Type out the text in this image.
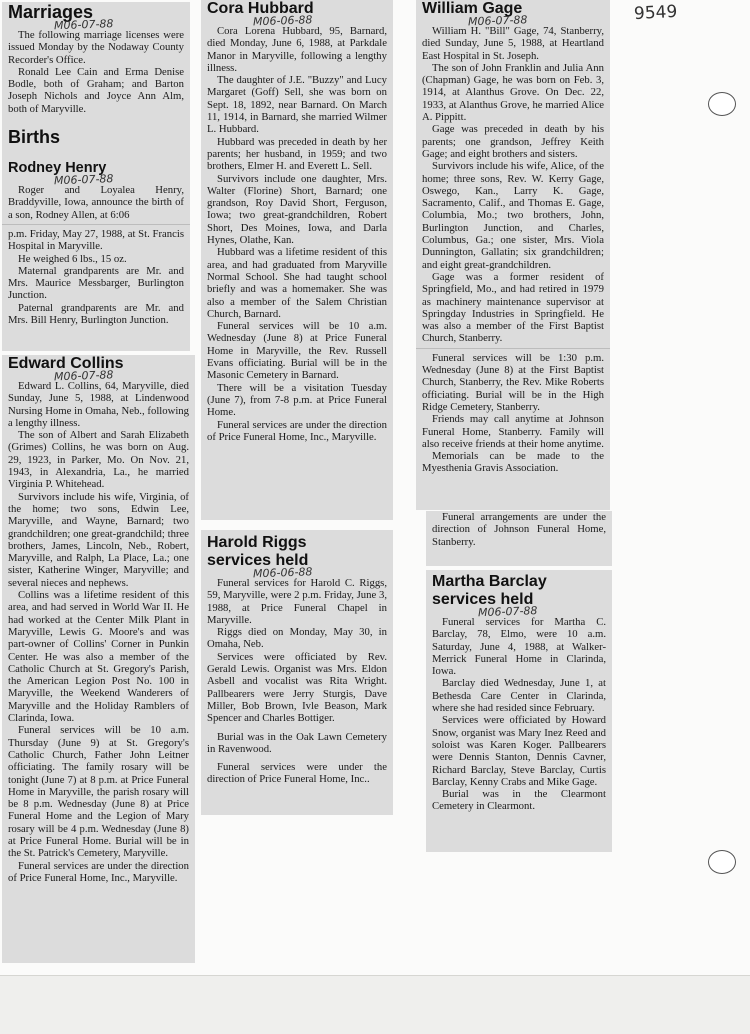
9549
Marriages
M06-07-88

The following marriage licenses were issued Monday by the Nodaway County Recorder's Office.

Ronald Lee Cain and Erma Denise Bodle, both of Graham; and Barton Joseph Nichols and Joyce Ann Alm, both of Maryville.

Births
Rodney Henry
M06-07-88

Roger and Loyalea Henry, Braddyville, Iowa, announce the birth of a son, Rodney Allen, at 6:06

p.m. Friday, May 27, 1988, at St. Francis Hospital in Maryville.

He weighed 6 lbs., 15 oz.

Maternal grandparents are Mr. and Mrs. Maurice Messbarger, Burlington Junction.

Paternal grandparents are Mr. and Mrs. Bill Henry, Burlington Junction.

Edward Collins
M06-07-88

Edward L. Collins, 64, Maryville, died Sunday, June 5, 1988, at Lindenwood Nursing Home in Omaha, Neb., following a lengthy illness.

The son of Albert and Sarah Elizabeth (Grimes) Collins, he was born on Aug. 29, 1923, in Parker, Mo. On Nov. 21, 1943, in Alexandria, La., he married Virginia P. Whitehead.

Survivors include his wife, Virginia, of the home; two sons, Edwin Lee, Maryville, and Wayne, Barnard; two grandchildren; one great-grandchild; three brothers, James, Lincoln, Neb., Robert, Maryville, and Ralph, La Place, La.; one sister, Katherine Winger, Maryville; and several nieces and nephews.

Collins was a lifetime resident of this area, and had served in World War II. He had worked at the Center Milk Plant in Maryville, Lewis G. Moore's and was part-owner of Collins' Corner in Punkin Center. He was also a member of the Catholic Church at St. Gregory's Parish, the American Legion Post No. 100 in Maryville, the Weekend Wanderers of Maryville and the Holiday Ramblers of Clarinda, Iowa.

Funeral services will be 10 a.m. Thursday (June 9) at St. Gregory's Catholic Church, Father John Leitner officiating. The family rosary will be tonight (June 7) at 8 p.m. at Price Funeral Home in Maryville, the parish rosary will be 8 p.m. Wednesday (June 8) at Price Funeral Home and the Legion of Mary rosary will be 4 p.m. Wednesday (June 8) at Price Funeral Home. Burial will be in the St. Patrick's Cemetery, Maryville.

Funeral services are under the direction of Price Funeral Home, Inc., Maryville.

Cora Hubbard
M06-06-88

Cora Lorena Hubbard, 95, Barnard, died Monday, June 6, 1988, at Parkdale Manor in Maryville, following a lengthy illness.

The daughter of J.E. "Buzzy" and Lucy Margaret (Goff) Sell, she was born on Sept. 18, 1892, near Barnard. On March 11, 1914, in Barnard, she married Wilmer L. Hubbard.

Hubbard was preceded in death by her parents; her husband, in 1959; and two brothers, Elmer H. and Everett L. Sell.

Survivors include one daughter, Mrs. Walter (Florine) Short, Barnard; one grandson, Roy David Short, Ferguson, Iowa; two great-grandchildren, Robert Short, Des Moines, Iowa, and Darla Hynes, Olathe, Kan.

Hubbard was a lifetime resident of this area, and had graduated from Maryville Normal School. She had taught school briefly and was a homemaker. She was also a member of the Salem Christian Church, Barnard.

Funeral services will be 10 a.m. Wednesday (June 8) at Price Funeral Home in Maryville, the Rev. Russell Evans officiating. Burial will be in the Masonic Cemetery in Barnard.

There will be a visitation Tuesday (June 7), from 7-8 p.m. at Price Funeral Home.

Funeral services are under the direction of Price Funeral Home, Inc., Maryville.

Harold Riggs
services held
M06-06-88

Funeral services for Harold C. Riggs, 59, Maryville, were 2 p.m. Friday, June 3, 1988, at Price Funeral Chapel in Maryville.

Riggs died on Monday, May 30, in Omaha, Neb.

Services were officiated by Rev. Gerald Lewis. Organist was Mrs. Eldon Asbell and vocalist was Rita Wright. Pallbearers were Jerry Sturgis, Dave Miller, Bob Brown, Ivle Beason, Mark Spencer and Charles Bottiger.

Burial was in the Oak Lawn Cemetery in Ravenwood.

Funeral services were under the direction of Price Funeral Home, Inc..

William Gage
M06-07-88

William H. "Bill" Gage, 74, Stanberry, died Sunday, June 5, 1988, at Heartland East Hospital in St. Joseph.

The son of John Franklin and Julia Ann (Chapman) Gage, he was born on Feb. 3, 1914, at Alanthus Grove. On Dec. 22, 1933, at Alanthus Grove, he married Alice A. Pippitt.

Gage was preceded in death by his parents; one grandson, Jeffrey Keith Gage; and eight brothers and sisters.

Survivors include his wife, Alice, of the home; three sons, Rev. W. Kerry Gage, Oswego, Kan., Larry K. Gage, Sacramento, Calif., and Thomas E. Gage, Columbia, Mo.; two brothers, John, Burlington Junction, and Charles, Columbus, Ga.; one sister, Mrs. Viola Dunnington, Gallatin; six grandchildren; and eight great-grandchildren.

Gage was a former resident of Springfield, Mo., and had retired in 1979 as machinery maintenance supervisor at Springday Industries in Springfield. He was also a member of the First Baptist Church, Stanberry.

Funeral services will be 1:30 p.m. Wednesday (June 8) at the First Baptist Church, Stanberry, the Rev. Mike Roberts officiating. Burial will be in the High Ridge Cemetery, Stanberry.

Friends may call anytime at Johnson Funeral Home, Stanberry. Family will also receive friends at their home anytime.

Memorials can be made to the Myesthenia Gravis Association.

Funeral arrangements are under the direction of Johnson Funeral Home, Stanberry.

Martha Barclay
services held
M06-07-88

Funeral services for Martha C. Barclay, 78, Elmo, were 10 a.m. Saturday, June 4, 1988, at Walker-Merrick Funeral Home in Clarinda, Iowa.

Barclay died Wednesday, June 1, at Bethesda Care Center in Clarinda, where she had resided since February.

Services were officiated by Howard Snow, organist was Mary Inez Reed and soloist was Karen Koger. Pallbearers were Dennis Stanton, Dennis Cavner, Richard Barclay, Steve Barclay, Curtis Barclay, Kenny Crabs and Mike Gage.

Burial was in the Clearmont Cemetery in Clearmont.
